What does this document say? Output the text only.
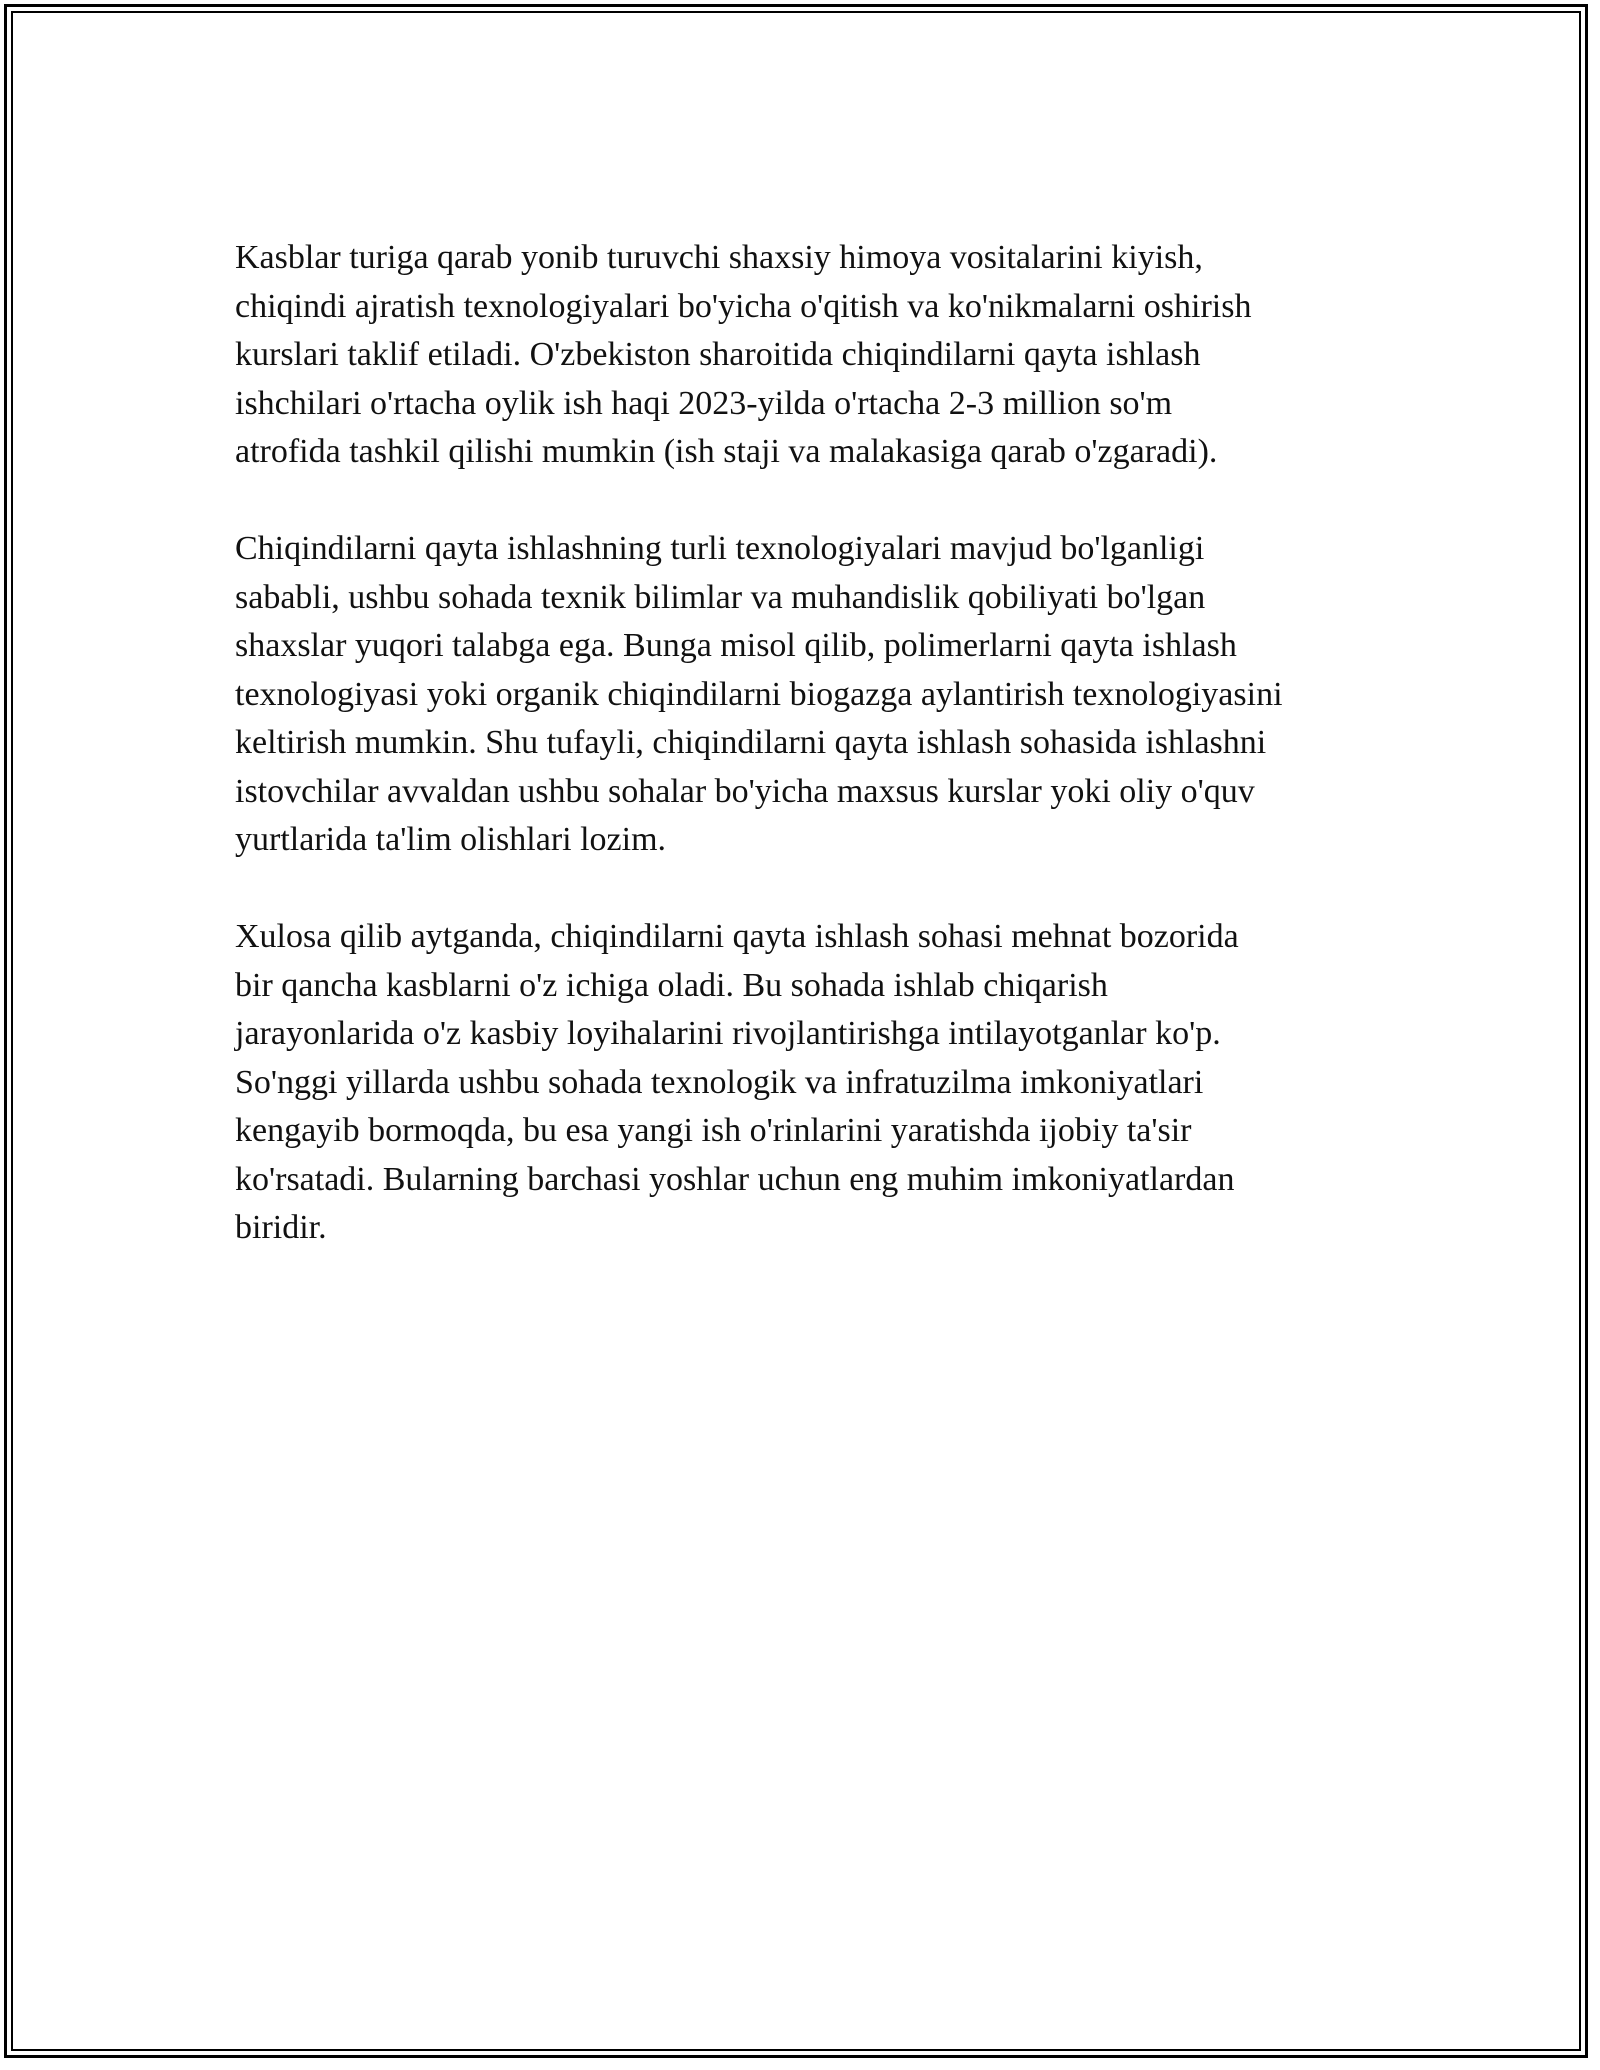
Kasblar turiga qarab yonib turuvchi shaxsiy himoya vositalarini kiyish,
chiqindi ajratish texnologiyalari bo'yicha o'qitish va ko'nikmalarni oshirish
kurslari taklif etiladi. O'zbekiston sharoitida chiqindilarni qayta ishlash
ishchilari o'rtacha oylik ish haqi 2023-yilda o'rtacha 2-3 million so'm
atrofida tashkil qilishi mumkin (ish staji va malakasiga qarab o'zgaradi).

Chiqindilarni qayta ishlashning turli texnologiyalari mavjud bo'lganligi
sababli, ushbu sohada texnik bilimlar va muhandislik qobiliyati bo'lgan
shaxslar yuqori talabga ega. Bunga misol qilib, polimerlarni qayta ishlash
texnologiyasi yoki organik chiqindilarni biogazga aylantirish texnologiyasini
keltirish mumkin. Shu tufayli, chiqindilarni qayta ishlash sohasida ishlashni
istovchilar avvaldan ushbu sohalar bo'yicha maxsus kurslar yoki oliy o'quv
yurtlarida ta'lim olishlari lozim.

Xulosa qilib aytganda, chiqindilarni qayta ishlash sohasi mehnat bozorida
bir qancha kasblarni o'z ichiga oladi. Bu sohada ishlab chiqarish
jarayonlarida o'z kasbiy loyihalarini rivojlantirishga intilayotganlar ko'p.
So'nggi yillarda ushbu sohada texnologik va infratuzilma imkoniyatlari
kengayib bormoqda, bu esa yangi ish o'rinlarini yaratishda ijobiy ta'sir
ko'rsatadi. Bularning barchasi yoshlar uchun eng muhim imkoniyatlardan
biridir.
